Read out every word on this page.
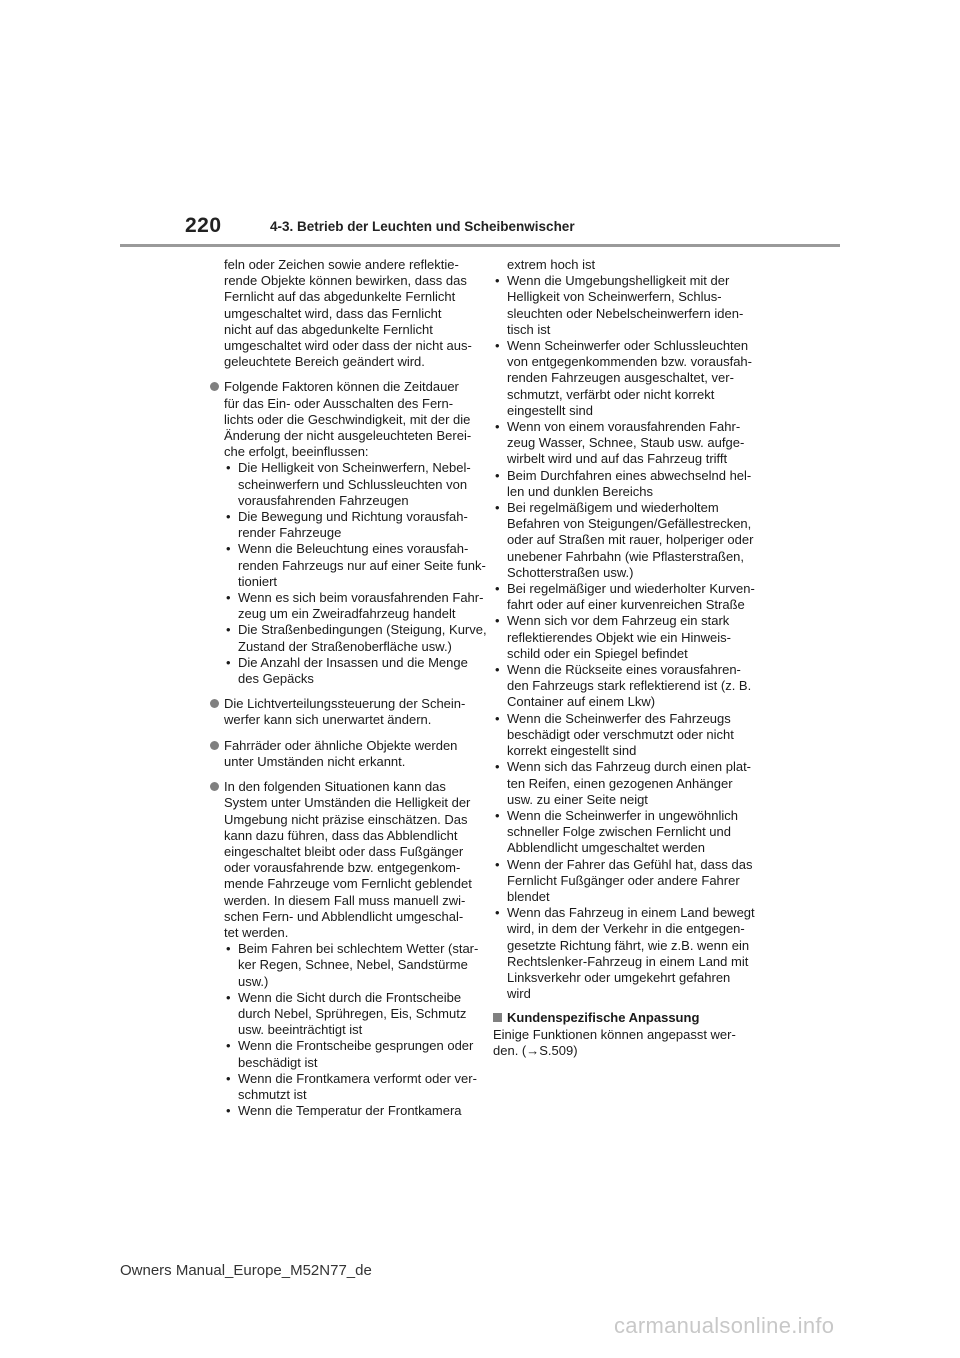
220	4-3. Betrieb der Leuchten und Scheibenwischer
feln oder Zeichen sowie andere reflektie-
rende Objekte können bewirken, dass das
Fernlicht auf das abgedunkelte Fernlicht
umgeschaltet wird, dass das Fernlicht
nicht auf das abgedunkelte Fernlicht
umgeschaltet wird oder dass der nicht aus-
geleuchtete Bereich geändert wird.
Folgende Faktoren können die Zeitdauer
für das Ein- oder Ausschalten des Fern-
lichts oder die Geschwindigkeit, mit der die
Änderung der nicht ausgeleuchteten Berei-
che erfolgt, beeinflussen:
• Die Helligkeit von Scheinwerfern, Nebel-
scheinwerfern und Schlussleuchten von
vorausfahrenden Fahrzeugen
• Die Bewegung und Richtung vorausfah-
render Fahrzeuge
• Wenn die Beleuchtung eines vorausfah-
renden Fahrzeugs nur auf einer Seite funk-
tioniert
• Wenn es sich beim vorausfahrenden Fahr-
zeug um ein Zweiradfahrzeug handelt
• Die Straßenbedingungen (Steigung, Kurve,
Zustand der Straßenoberfläche usw.)
• Die Anzahl der Insassen und die Menge
des Gepäcks
Die Lichtverteilungssteuerung der Schein-
werfer kann sich unerwartet ändern.
Fahrräder oder ähnliche Objekte werden
unter Umständen nicht erkannt.
In den folgenden Situationen kann das
System unter Umständen die Helligkeit der
Umgebung nicht präzise einschätzen. Das
kann dazu führen, dass das Abblendlicht
eingeschaltet bleibt oder dass Fußgänger
oder vorausfahrende bzw. entgegenkom-
mende Fahrzeuge vom Fernlicht geblendet
werden. In diesem Fall muss manuell zwi-
schen Fern- und Abblendlicht umgeschal-
tet werden.
• Beim Fahren bei schlechtem Wetter (star-
ker Regen, Schnee, Nebel, Sandstürme
usw.)
• Wenn die Sicht durch die Frontscheibe
durch Nebel, Sprühregen, Eis, Schmutz
usw. beeinträchtigt ist
• Wenn die Frontscheibe gesprungen oder
beschädigt ist
• Wenn die Frontkamera verformt oder ver-
schmutzt ist
• Wenn die Temperatur der Frontkamera
extrem hoch ist
• Wenn die Umgebungshelligkeit mit der
Helligkeit von Scheinwerfern, Schlus-
sleuchten oder Nebelscheinwerfern iden-
tisch ist
• Wenn Scheinwerfer oder Schlussleuchten
von entgegenkommenden bzw. vorausfah-
renden Fahrzeugen ausgeschaltet, ver-
schmutzt, verfärbt oder nicht korrekt
eingestellt sind
• Wenn von einem vorausfahrenden Fahr-
zeug Wasser, Schnee, Staub usw. aufge-
wirbelt wird und auf das Fahrzeug trifft
• Beim Durchfahren eines abwechselnd hel-
len und dunklen Bereichs
• Bei regelmäßigem und wiederholtem
Befahren von Steigungen/Gefällestrecken,
oder auf Straßen mit rauer, holperiger oder
unebener Fahrbahn (wie Pflasterstraßen,
Schotterstraßen usw.)
• Bei regelmäßiger und wiederholter Kurven-
fahrt oder auf einer kurvenreichen Straße
• Wenn sich vor dem Fahrzeug ein stark
reflektierendes Objekt wie ein Hinweis-
schild oder ein Spiegel befindet
• Wenn die Rückseite eines vorausfahren-
den Fahrzeugs stark reflektierend ist (z. B.
Container auf einem Lkw)
• Wenn die Scheinwerfer des Fahrzeugs
beschädigt oder verschmutzt oder nicht
korrekt eingestellt sind
• Wenn sich das Fahrzeug durch einen plat-
ten Reifen, einen gezogenen Anhänger
usw. zu einer Seite neigt
• Wenn die Scheinwerfer in ungewöhnlich
schneller Folge zwischen Fernlicht und
Abblendlicht umgeschaltet werden
• Wenn der Fahrer das Gefühl hat, dass das
Fernlicht Fußgänger oder andere Fahrer
blendet
• Wenn das Fahrzeug in einem Land bewegt
wird, in dem der Verkehr in die entgegen-
gesetzte Richtung fährt, wie z.B. wenn ein
Rechtslenker-Fahrzeug in einem Land mit
Linksverkehr oder umgekehrt gefahren
wird
Kundenspezifische Anpassung
Einige Funktionen können angepasst wer-
den. (→S.509)
Owners Manual_Europe_M52N77_de
carmanualsonline.info
